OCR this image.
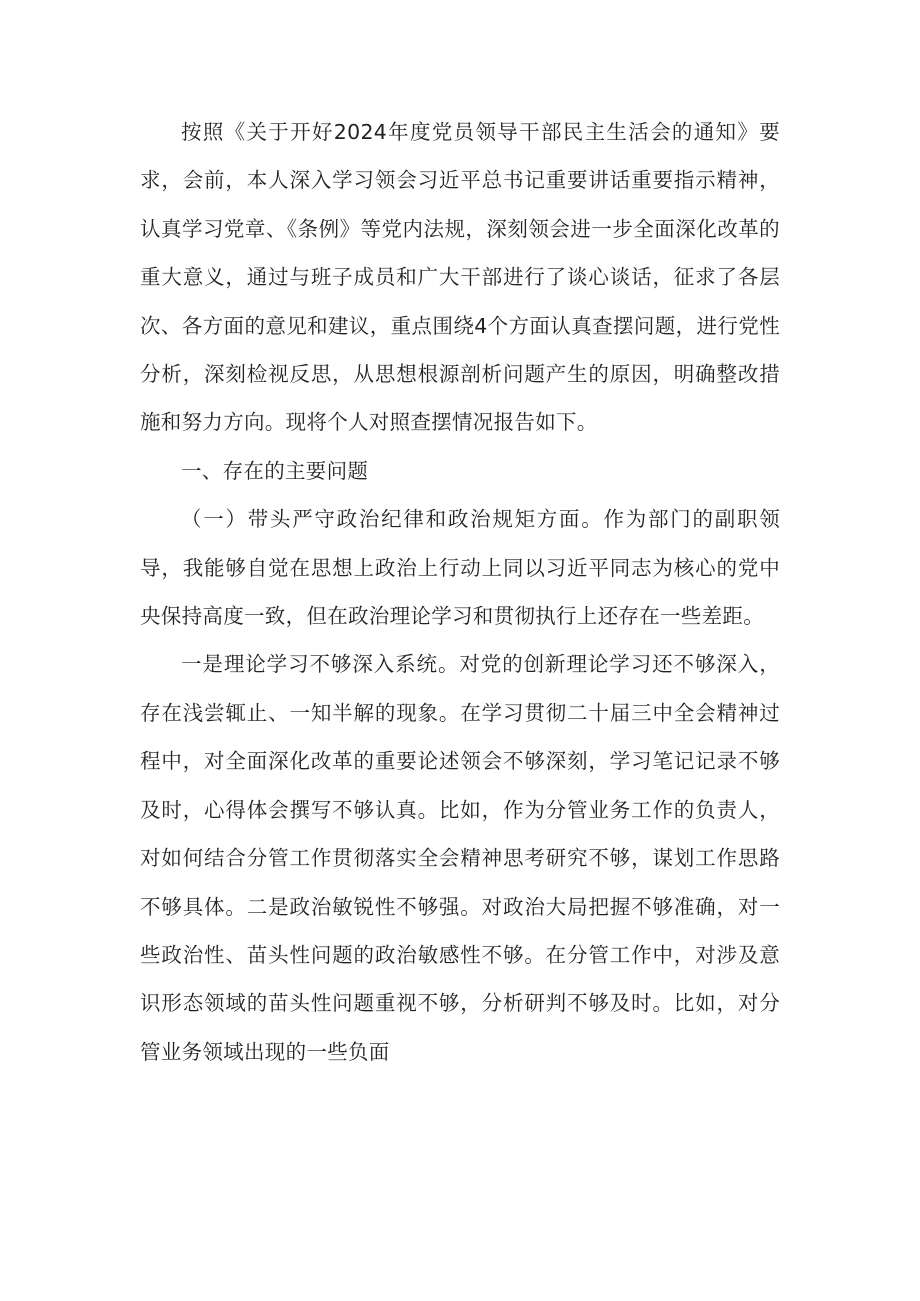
按照《关于开好2024年度党员领导干部民主生活会的通知》要求，会前，本人深入学习领会习近平总书记重要讲话重要指示精神，认真学习党章、《条例》等党内法规，深刻领会进一步全面深化改革的重大意义，通过与班子成员和广大干部进行了谈心谈话，征求了各层次、各方面的意见和建议，重点围绕4个方面认真查摆问题，进行党性分析，深刻检视反思，从思想根源剖析问题产生的原因，明确整改措施和努力方向。现将个人对照查摆情况报告如下。

一、存在的主要问题

（一）带头严守政治纪律和政治规矩方面。作为部门的副职领导，我能够自觉在思想上政治上行动上同以习近平同志为核心的党中央保持高度一致，但在政治理论学习和贯彻执行上还存在一些差距。

一是理论学习不够深入系统。对党的创新理论学习还不够深入，存在浅尝辄止、一知半解的现象。在学习贯彻二十届三中全会精神过程中，对全面深化改革的重要论述领会不够深刻，学习笔记记录不够及时，心得体会撰写不够认真。比如，作为分管业务工作的负责人，对如何结合分管工作贯彻落实全会精神思考研究不够，谋划工作思路不够具体。二是政治敏锐性不够强。对政治大局把握不够准确，对一些政治性、苗头性问题的政治敏感性不够。在分管工作中，对涉及意识形态领域的苗头性问题重视不够，分析研判不够及时。比如，对分管业务领域出现的一些负面
